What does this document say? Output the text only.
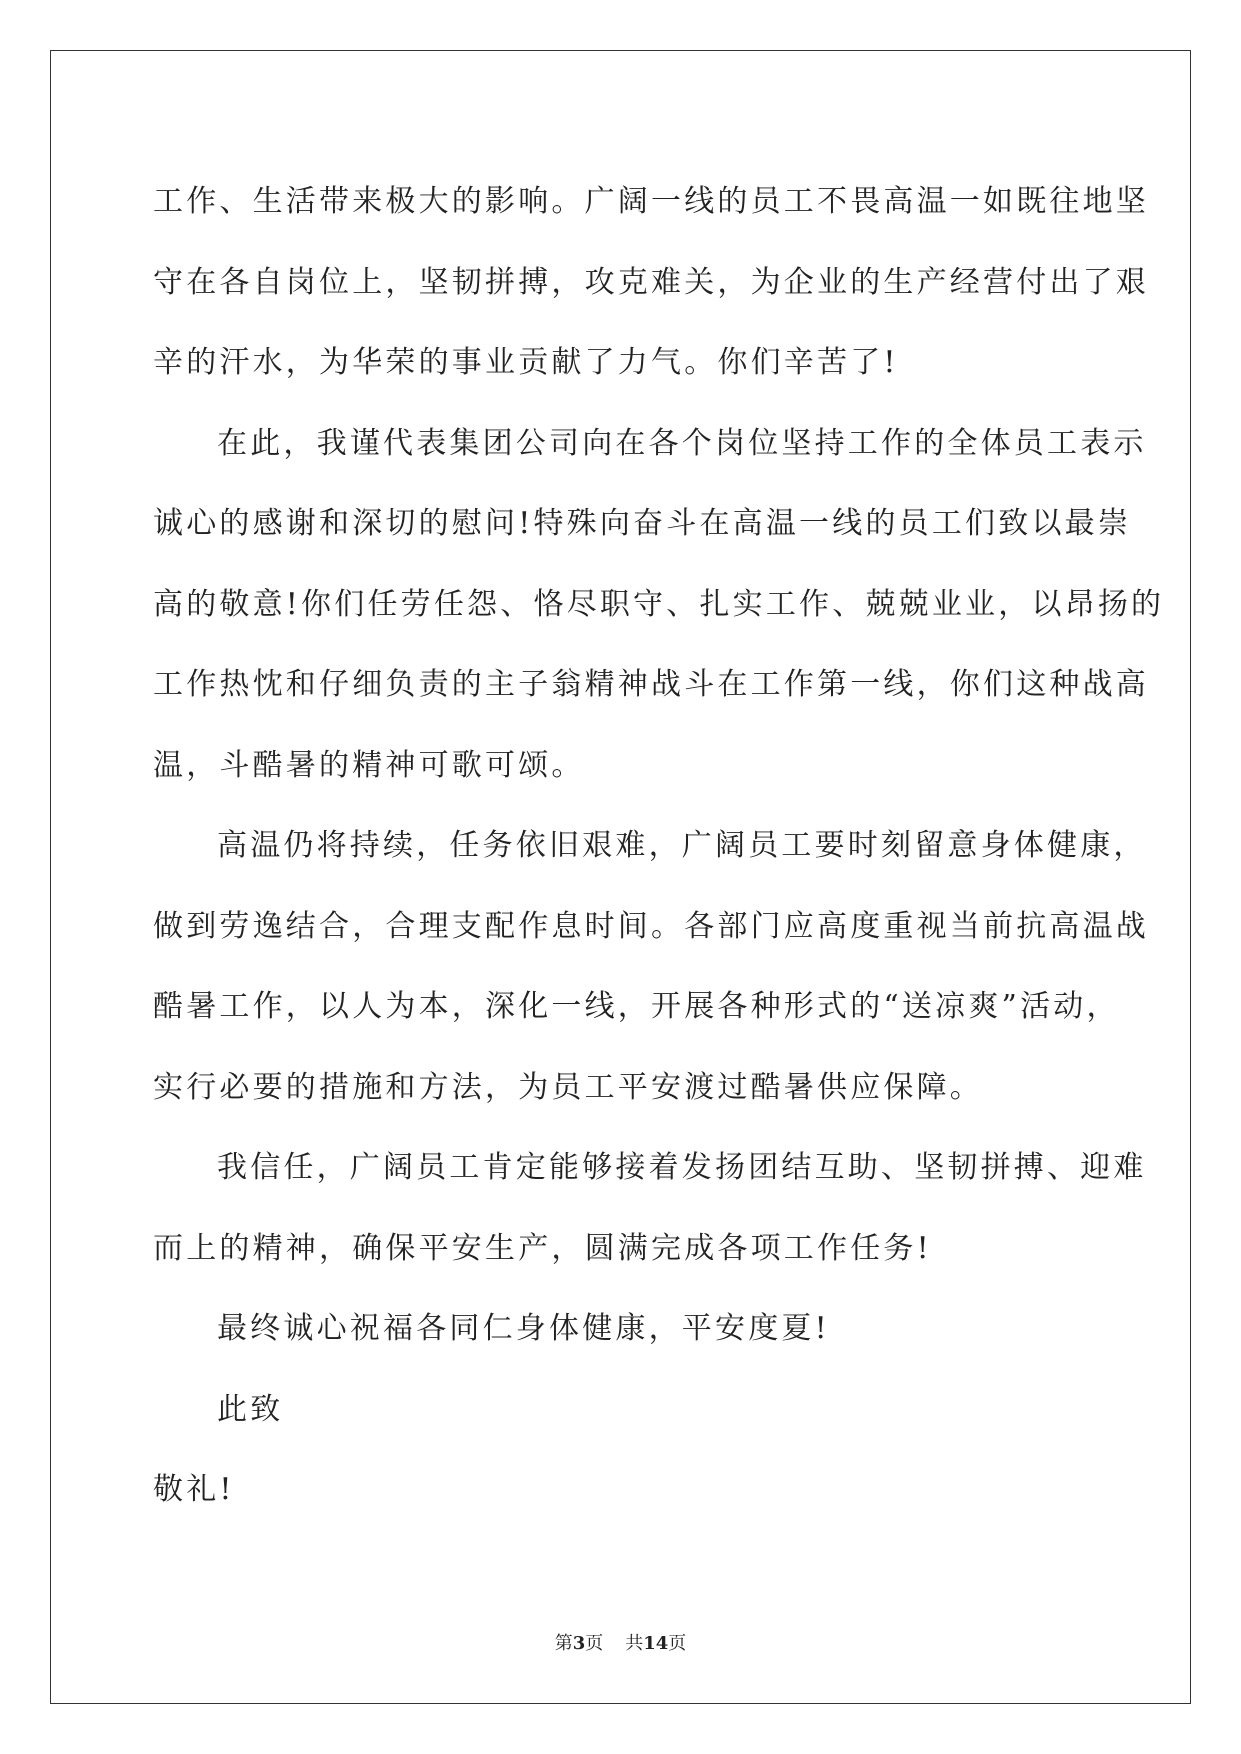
工作、生活带来极大的影响。广阔一线的员工不畏高温一如既往地坚
守在各自岗位上，坚韧拼搏，攻克难关，为企业的生产经营付出了艰
辛的汗水，为华荣的事业贡献了力气。你们辛苦了!
在此，我谨代表集团公司向在各个岗位坚持工作的全体员工表示
诚心的感谢和深切的慰问!特殊向奋斗在高温一线的员工们致以最崇
高的敬意!你们任劳任怨、恪尽职守、扎实工作、兢兢业业，以昂扬的
工作热忱和仔细负责的主子翁精神战斗在工作第一线，你们这种战高
温，斗酷暑的精神可歌可颂。
高温仍将持续，任务依旧艰难，广阔员工要时刻留意身体健康，
做到劳逸结合，合理支配作息时间。各部门应高度重视当前抗高温战
酷暑工作，以人为本，深化一线，开展各种形式的“送凉爽”活动，
实行必要的措施和方法，为员工平安渡过酷暑供应保障。
我信任，广阔员工肯定能够接着发扬团结互助、坚韧拼搏、迎难
而上的精神，确保平安生产，圆满完成各项工作任务!
最终诚心祝福各同仁身体健康，平安度夏!
此致
敬礼!
第3页 共14页
